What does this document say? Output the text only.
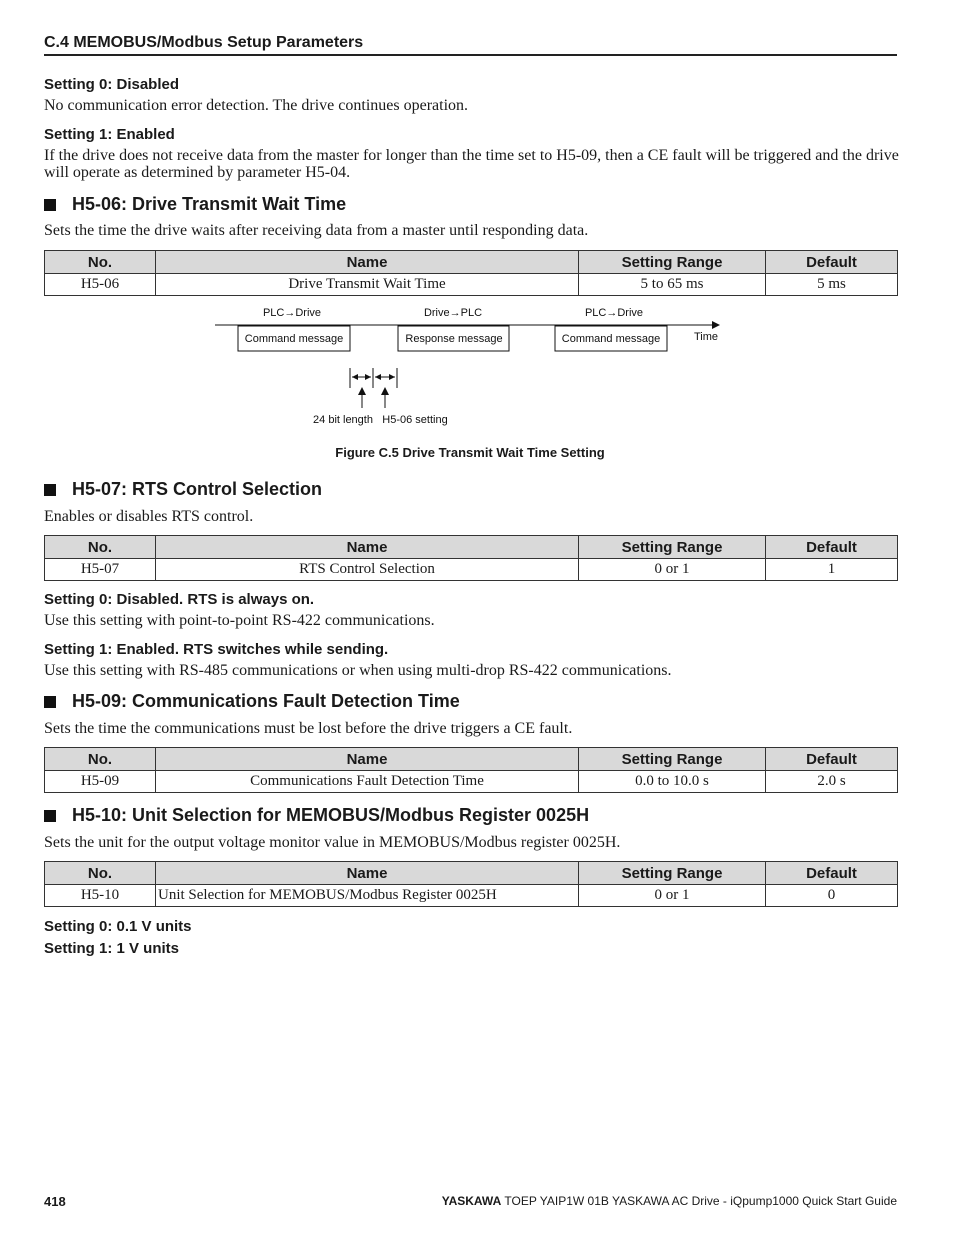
C.4 MEMOBUS/Modbus Setup Parameters
Setting 0: Disabled
No communication error detection. The drive continues operation.
Setting 1: Enabled
If the drive does not receive data from the master for longer than the time set to H5-09, then a CE fault will be triggered and the drive will operate as determined by parameter H5-04.
H5-06: Drive Transmit Wait Time
Sets the time the drive waits after receiving data from a master until responding data.
No.	Name	Setting Range	Default
H5-06	Drive Transmit Wait Time	5 to 65 ms	5 ms
PLC→Drive	Drive→PLC	PLC→Drive
Time
Command message	Response message	Command message
24 bit length H5-06 setting
Figure C.5 Drive Transmit Wait Time Setting
H5-07: RTS Control Selection
Enables or disables RTS control.
No.	Name	Setting Range	Default
H5-07	RTS Control Selection	0 or 1	1
Setting 0: Disabled. RTS is always on.
Use this setting with point-to-point RS-422 communications.
Setting 1: Enabled. RTS switches while sending.
Use this setting with RS-485 communications or when using multi-drop RS-422 communications.
H5-09: Communications Fault Detection Time
Sets the time the communications must be lost before the drive triggers a CE fault.
No.	Name	Setting Range	Default
H5-09	Communications Fault Detection Time	0.0 to 10.0 s	2.0 s
H5-10: Unit Selection for MEMOBUS/Modbus Register 0025H
Sets the unit for the output voltage monitor value in MEMOBUS/Modbus register 0025H.
No.	Name	Setting Range	Default
H5-10	Unit Selection for MEMOBUS/Modbus Register 0025H	0 or 1	0
Setting 0: 0.1 V units
Setting 1: 1 V units
418	YASKAWA TOEP YAIP1W 01B YASKAWA AC Drive - iQpump1000 Quick Start Guide
